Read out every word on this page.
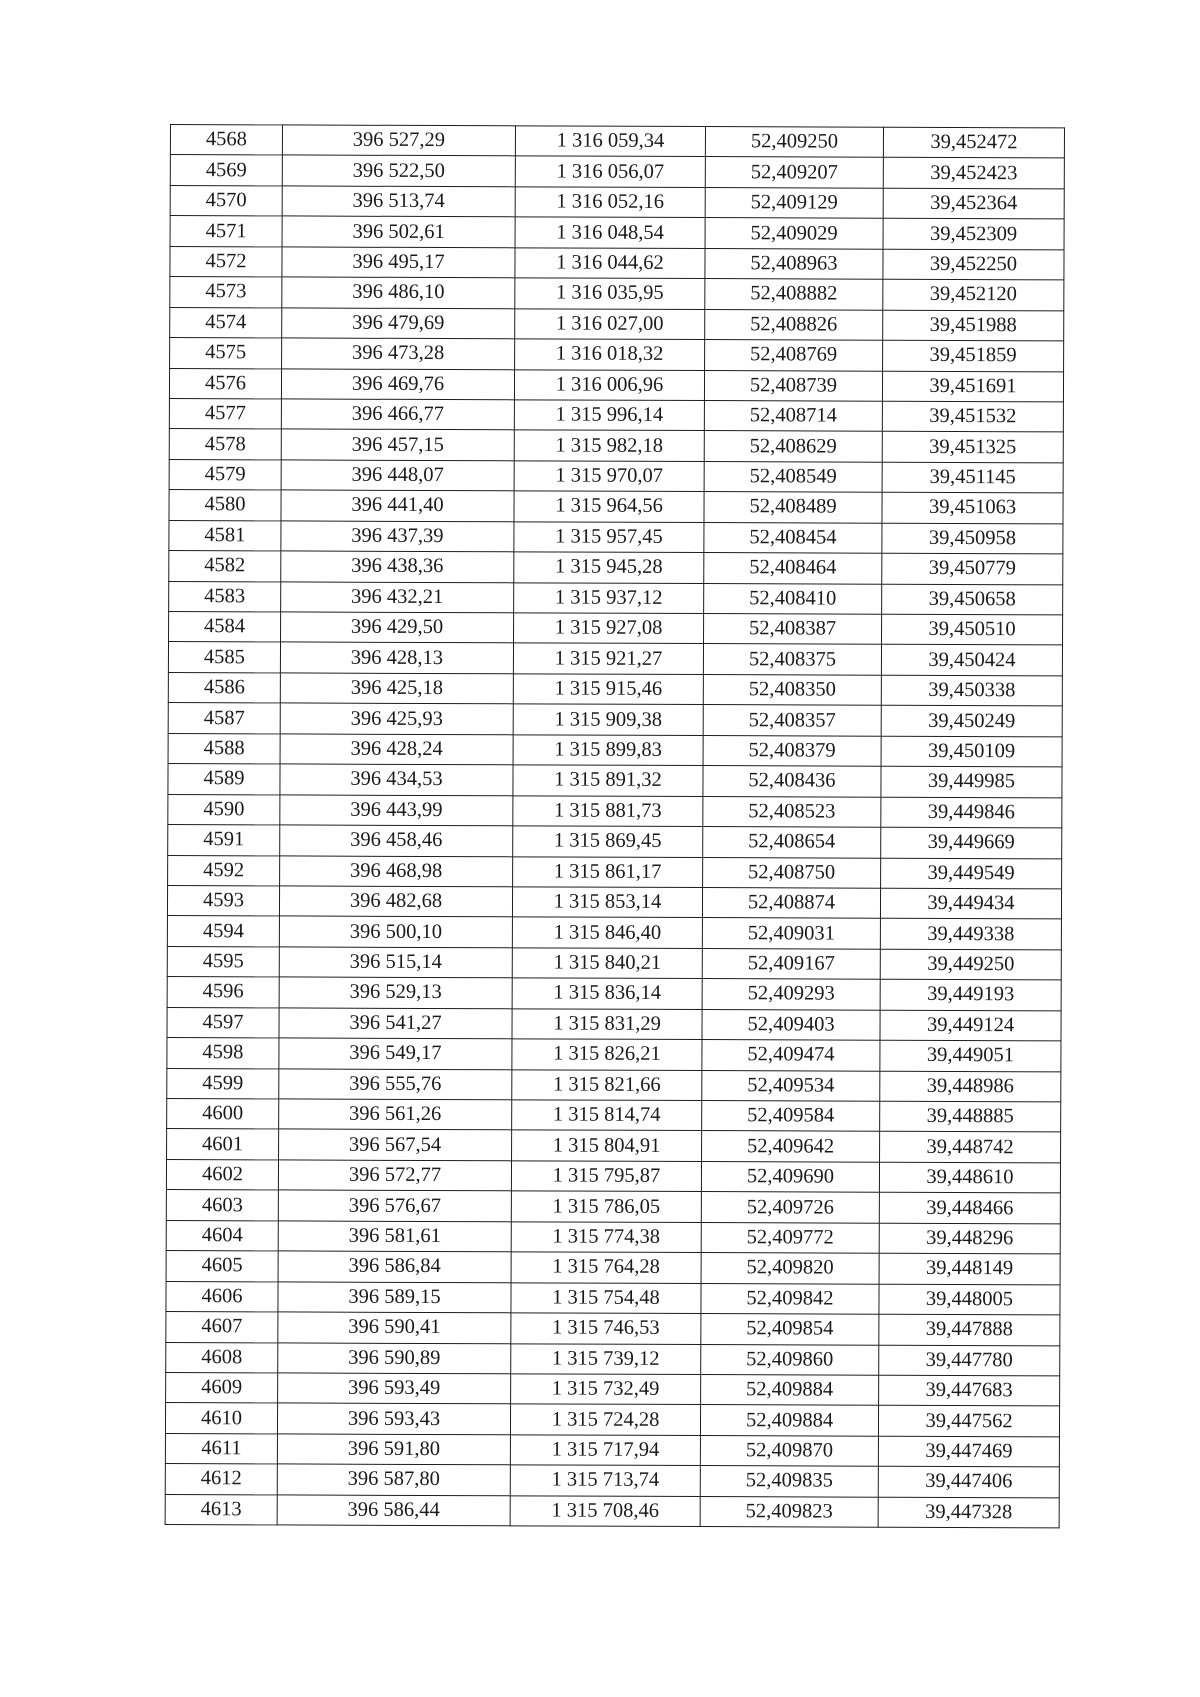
4568	396 527,29	1 316 059,34	52,409250	39,452472
4569	396 522,50	1 316 056,07	52,409207	39,452423
4570	396 513,74	1 316 052,16	52,409129	39,452364
4571	396 502,61	1 316 048,54	52,409029	39,452309
4572	396 495,17	1 316 044,62	52,408963	39,452250
4573	396 486,10	1 316 035,95	52,408882	39,452120
4574	396 479,69	1 316 027,00	52,408826	39,451988
4575	396 473,28	1 316 018,32	52,408769	39,451859
4576	396 469,76	1 316 006,96	52,408739	39,451691
4577	396 466,77	1 315 996,14	52,408714	39,451532
4578	396 457,15	1 315 982,18	52,408629	39,451325
4579	396 448,07	1 315 970,07	52,408549	39,451145
4580	396 441,40	1 315 964,56	52,408489	39,451063
4581	396 437,39	1 315 957,45	52,408454	39,450958
4582	396 438,36	1 315 945,28	52,408464	39,450779
4583	396 432,21	1 315 937,12	52,408410	39,450658
4584	396 429,50	1 315 927,08	52,408387	39,450510
4585	396 428,13	1 315 921,27	52,408375	39,450424
4586	396 425,18	1 315 915,46	52,408350	39,450338
4587	396 425,93	1 315 909,38	52,408357	39,450249
4588	396 428,24	1 315 899,83	52,408379	39,450109
4589	396 434,53	1 315 891,32	52,408436	39,449985
4590	396 443,99	1 315 881,73	52,408523	39,449846
4591	396 458,46	1 315 869,45	52,408654	39,449669
4592	396 468,98	1 315 861,17	52,408750	39,449549
4593	396 482,68	1 315 853,14	52,408874	39,449434
4594	396 500,10	1 315 846,40	52,409031	39,449338
4595	396 515,14	1 315 840,21	52,409167	39,449250
4596	396 529,13	1 315 836,14	52,409293	39,449193
4597	396 541,27	1 315 831,29	52,409403	39,449124
4598	396 549,17	1 315 826,21	52,409474	39,449051
4599	396 555,76	1 315 821,66	52,409534	39,448986
4600	396 561,26	1 315 814,74	52,409584	39,448885
4601	396 567,54	1 315 804,91	52,409642	39,448742
4602	396 572,77	1 315 795,87	52,409690	39,448610
4603	396 576,67	1 315 786,05	52,409726	39,448466
4604	396 581,61	1 315 774,38	52,409772	39,448296
4605	396 586,84	1 315 764,28	52,409820	39,448149
4606	396 589,15	1 315 754,48	52,409842	39,448005
4607	396 590,41	1 315 746,53	52,409854	39,447888
4608	396 590,89	1 315 739,12	52,409860	39,447780
4609	396 593,49	1 315 732,49	52,409884	39,447683
4610	396 593,43	1 315 724,28	52,409884	39,447562
4611	396 591,80	1 315 717,94	52,409870	39,447469
4612	396 587,80	1 315 713,74	52,409835	39,447406
4613	396 586,44	1 315 708,46	52,409823	39,447328
